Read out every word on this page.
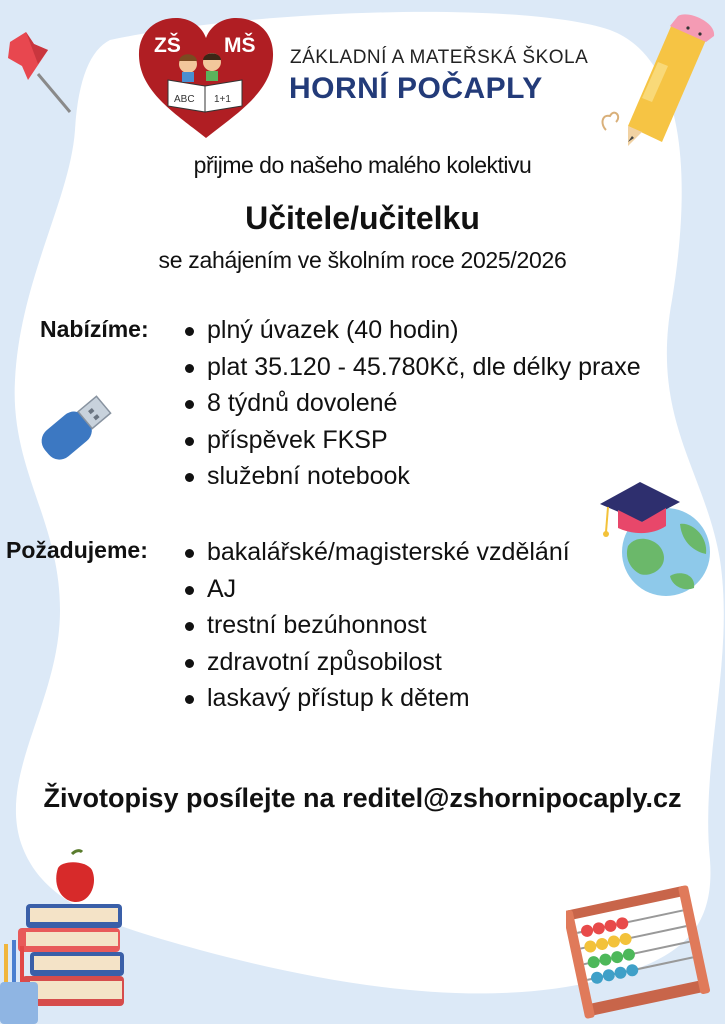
ZŠ MŠ
ABC 1+1
ZÁKLADNÍ A MATEŘSKÁ ŠKOLA
HORNÍ POČAPLY
přijme do našeho malého kolektivu
Učitele/učitelku
se zahájením ve školním roce 2025/2026
Nabízíme:	plný úvazek (40 hodin)
plat 35.120 - 45.780Kč, dle délky praxe
8 týdnů dovolené
příspěvek FKSP
služební notebook
Požadujeme:	bakalářské/magisterské vzdělání
AJ
trestní bezúhonnost
zdravotní způsobilost
laskavý přístup k dětem
Životopisy posílejte na reditel@zshornipocaply.cz
